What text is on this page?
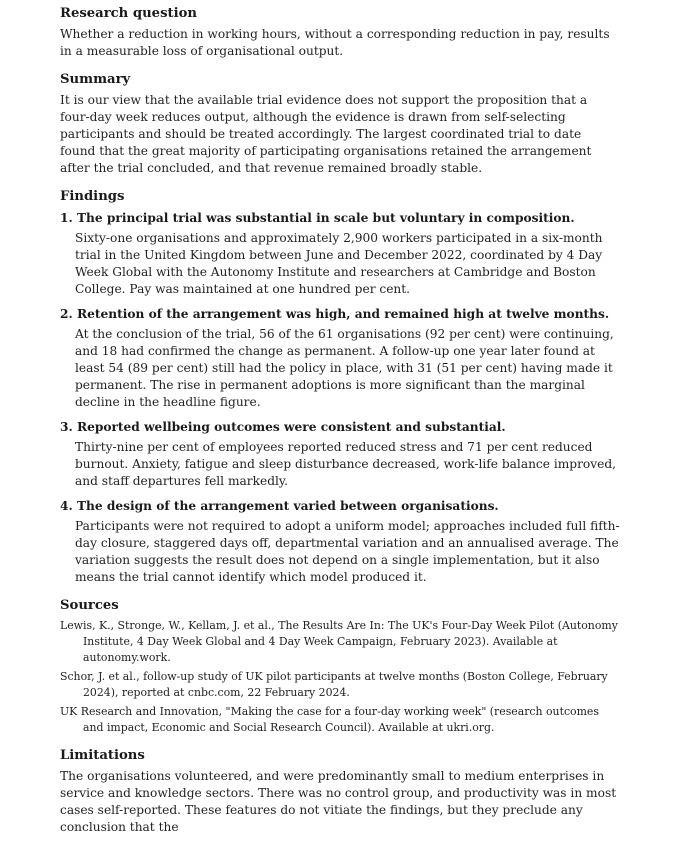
Research question

Whether a reduction in working hours, without a corresponding reduction in pay, results in a measurable loss of organisational output.

Summary

It is our view that the available trial evidence does not support the proposition that a four-day week reduces output, although the evidence is drawn from self-selecting participants and should be treated accordingly. The largest coordinated trial to date found that the great majority of participating organisations retained the arrangement after the trial concluded, and that revenue remained broadly stable.

Findings

1. The principal trial was substantial in scale but voluntary in composition.

Sixty-one organisations and approximately 2,900 workers participated in a six-month trial in the United Kingdom between June and December 2022, coordinated by 4 Day Week Global with the Autonomy Institute and researchers at Cambridge and Boston College. Pay was maintained at one hundred per cent.

2. Retention of the arrangement was high, and remained high at twelve months.

At the conclusion of the trial, 56 of the 61 organisations (92 per cent) were continuing, and 18 had confirmed the change as permanent. A follow-up one year later found at least 54 (89 per cent) still had the policy in place, with 31 (51 per cent) having made it permanent. The rise in permanent adoptions is more significant than the marginal decline in the headline figure.

3. Reported wellbeing outcomes were consistent and substantial.

Thirty-nine per cent of employees reported reduced stress and 71 per cent reduced burnout. Anxiety, fatigue and sleep disturbance decreased, work-life balance improved, and staff departures fell markedly.

4. The design of the arrangement varied between organisations.

Participants were not required to adopt a uniform model; approaches included full fifth-day closure, staggered days off, departmental variation and an annualised average. The variation suggests the result does not depend on a single implementation, but it also means the trial cannot identify which model produced it.

Sources

Lewis, K., Stronge, W., Kellam, J. et al., The Results Are In: The UK's Four-Day Week Pilot (Autonomy Institute, 4 Day Week Global and 4 Day Week Campaign, February 2023). Available at autonomy.work.

Schor, J. et al., follow-up study of UK pilot participants at twelve months (Boston College, February 2024), reported at cnbc.com, 22 February 2024.

UK Research and Innovation, "Making the case for a four-day working week" (research outcomes and impact, Economic and Social Research Council). Available at ukri.org.

Limitations

The organisations volunteered, and were predominantly small to medium enterprises in service and knowledge sectors. There was no control group, and productivity was in most cases self-reported. These features do not vitiate the findings, but they preclude any conclusion that the
